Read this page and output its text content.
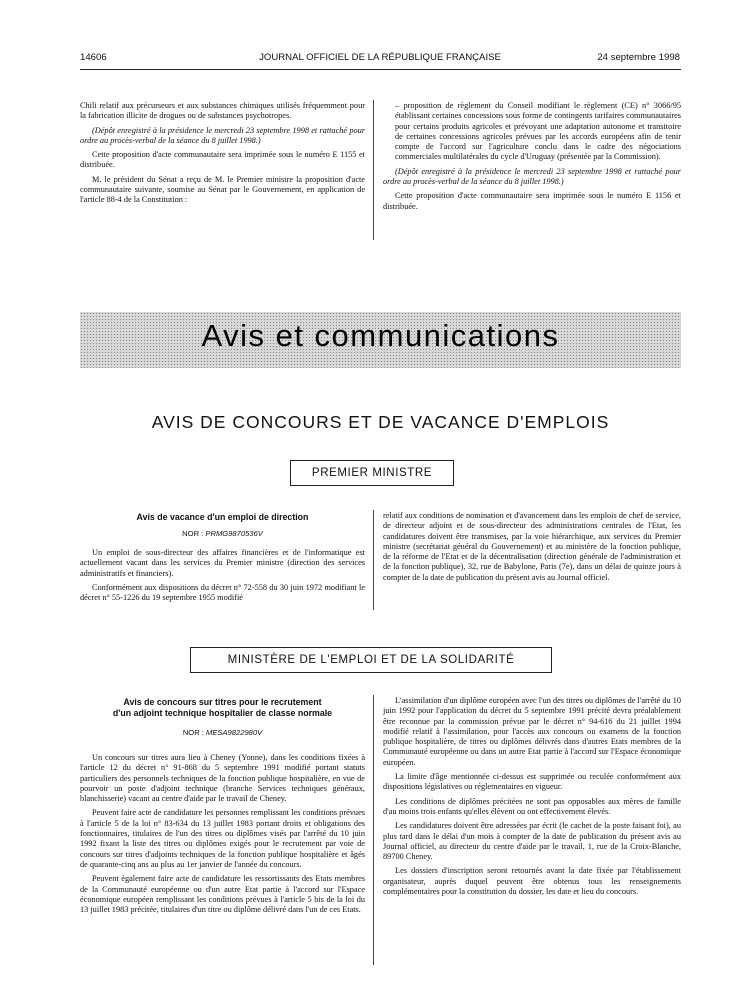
14606	JOURNAL OFFICIEL DE LA RÉPUBLIQUE FRANÇAISE	24 septembre 1998

Chili relatif aux précurseurs et aux substances chimiques utilisés fréquemment pour la fabrication illicite de drogues ou de substances psychotropes.

(Dépôt enregistré à la présidence le mercredi 23 septembre 1998 et rattaché pour ordre au procès-verbal de la séance du 8 juillet 1998.)

Cette proposition d'acte communautaire sera imprimée sous le numéro E 1155 et distribuée.

M. le président du Sénat a reçu de M. le Premier ministre la proposition d'acte communautaire suivante, soumise au Sénat par le Gouvernement, en application de l'article 88-4 de la Constitution :

– proposition de règlement du Conseil modifiant le règlement (CE) n° 3066/95 établissant certaines concessions sous forme de contingents tarifaires communautaires pour certains produits agricoles et prévoyant une adaptation autonome et transitoire de certaines concessions agricoles prévues par les accords européens afin de tenir compte de l'accord sur l'agriculture conclu dans le cadre des négociations commerciales multilatérales du cycle d'Uruguay (présentée par la Commission).

(Dépôt enregistré à la présidence le mercredi 23 septembre 1998 et rattaché pour ordre au procès-verbal de la séance du 8 juillet 1998.)

Cette proposition d'acte communautaire sera imprimée sous le numéro E 1156 et distribuée.

Avis et communications
AVIS DE CONCOURS ET DE VACANCE D'EMPLOIS
PREMIER MINISTRE
Avis de vacance d'un emploi de direction
NOR : PRMG9870536V

Un emploi de sous-directeur des affaires financières et de l'informatique est actuellement vacant dans les services du Premier ministre (direction des services administratifs et financiers).

Conformément aux dispositions du décret n° 72-558 du 30 juin 1972 modifiant le décret n° 55-1226 du 19 septembre 1955 modifié

relatif aux conditions de nomination et d'avancement dans les emplois de chef de service, de directeur adjoint et de sous-directeur des administrations centrales de l'Etat, les candidatures doivent être transmises, par la voie hiérarchique, aux services du Premier ministre (secrétariat général du Gouvernement) et au ministère de la fonction publique, de la réforme de l'Etat et de la décentralisation (direction générale de l'administration et de la fonction publique), 32, rue de Babylone, Paris (7e), dans un délai de quinze jours à compter de la date de publication du présent avis au Journal officiel.

MINISTÈRE DE L'EMPLOI ET DE LA SOLIDARITÉ
Avis de concours sur titres pour le recrutement
d'un adjoint technique hospitalier de classe normale
NOR : MESA9822980V

Un concours sur titres aura lieu à Cheney (Yonne), dans les conditions fixées à l'article 12 du décret n° 91-868 du 5 septembre 1991 modifié portant statuts particuliers des personnels techniques de la fonction publique hospitalière, en vue de pourvoir un poste d'adjoint technique (branche Services techniques généraux, blanchisserie) vacant au centre d'aide par le travail de Cheney.

Peuvent faire acte de candidature les personnes remplissant les conditions prévues à l'article 5 de la loi n° 83-634 du 13 juillet 1983 portant droits et obligations des fonctionnaires, titulaires de l'un des titres ou diplômes visés par l'arrêté du 10 juin 1992 fixant la liste des titres ou diplômes exigés pour le recrutement par voie de concours sur titres d'adjoints techniques de la fonction publique hospitalière et âgés de quarante-cinq ans au plus au 1er janvier de l'année du concours.

Peuvent également faire acte de candidature les ressortissants des Etats membres de la Communauté européenne ou d'un autre Etat partie à l'accord sur l'Espace économique européen remplissant les conditions prévues à l'article 5 bis de la loi du 13 juillet 1983 précitée, titulaires d'un titre ou diplôme délivré dans l'un de ces Etats.

L'assimilation d'un diplôme européen avec l'un des titres ou diplômes de l'arrêté du 10 juin 1992 pour l'application du décret du 5 septembre 1991 précité devra préalablement être reconnue par la commission prévue par le décret n° 94-616 du 21 juillet 1994 modifié relatif à l'assimilation, pour l'accès aux concours ou examens de la fonction publique hospitalière, de titres ou diplômes délivrés dans d'autres Etats membres de la Communauté européenne ou dans un autre Etat partie à l'accord sur l'Espace économique européen.

La limite d'âge mentionnée ci-dessus est supprimée ou reculée conformément aux dispositions législatives ou réglementaires en vigueur.

Les conditions de diplômes précitées ne sont pas opposables aux mères de famille d'au moins trois enfants qu'elles élèvent ou ont effectivement élevés.

Les candidatures doivent être adressées par écrit (le cachet de la poste faisant foi), au plus tard dans le délai d'un mois à compter de la date de publication du présent avis au Journal officiel, au directeur du centre d'aide par le travail, 1, rue de la Croix-Blanche, 89700 Cheney.

Les dossiers d'inscription seront retournés avant la date fixée par l'établissement organisateur, auprès duquel peuvent être obtenus tous les renseignements complémentaires pour la constitution du dossier, les date et lieu du concours.
